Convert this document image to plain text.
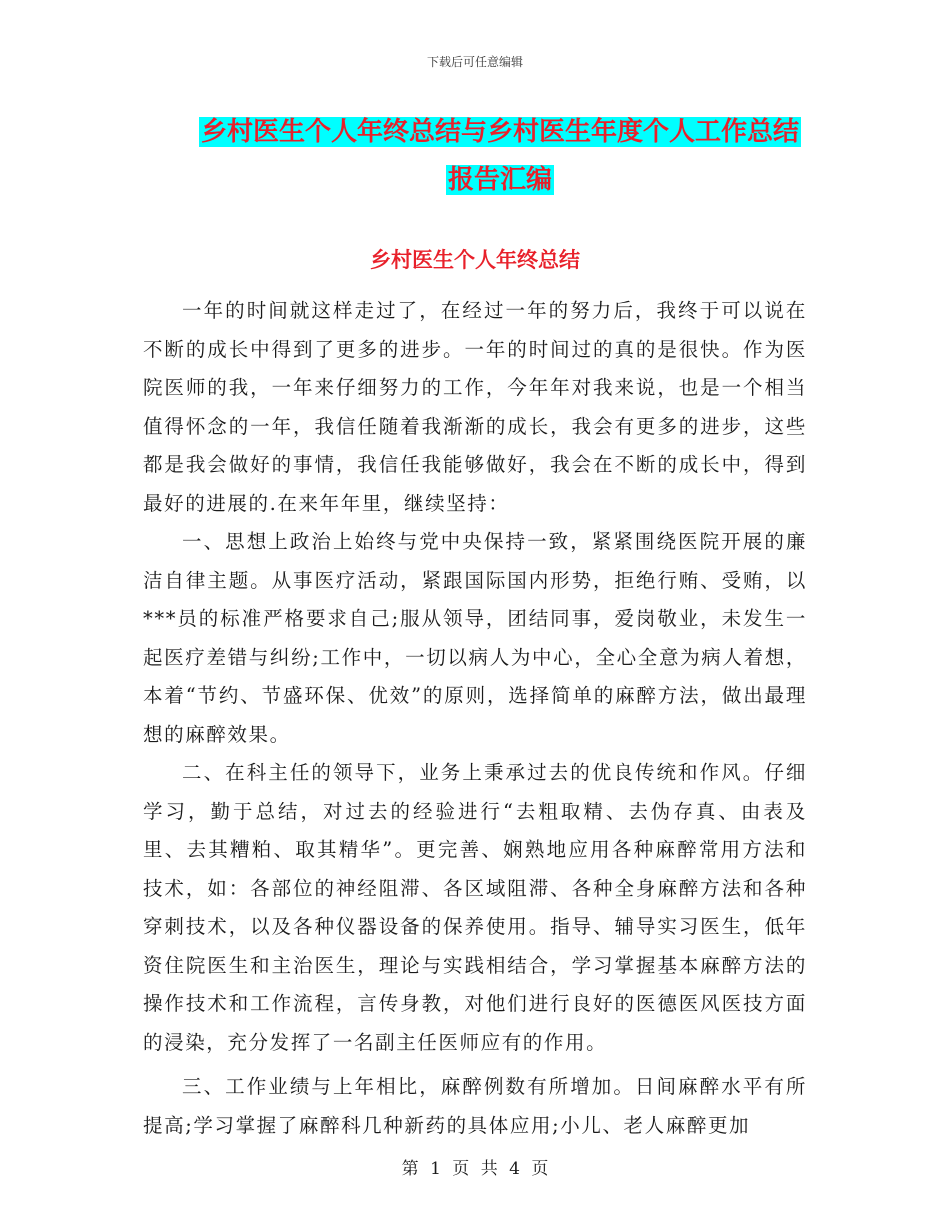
下载后可任意编辑
乡村医生个人年终总结与乡村医生年度个人工作总结
报告汇编
乡村医生个人年终总结

一年的时间就这样走过了，在经过一年的努力后，我终于可以说在不断的成长中得到了更多的进步。一年的时间过的真的是很快。作为医院医师的我，一年来仔细努力的工作，今年年对我来说，也是一个相当值得怀念的一年，我信任随着我渐渐的成长，我会有更多的进步，这些都是我会做好的事情，我信任我能够做好，我会在不断的成长中，得到最好的进展的.在来年年里，继续坚持：

一、思想上政治上始终与党中央保持一致，紧紧围绕医院开展的廉洁自律主题。从事医疗活动，紧跟国际国内形势，拒绝行贿、受贿，以***员的标准严格要求自己;服从领导，团结同事，爱岗敬业，未发生一起医疗差错与纠纷;工作中，一切以病人为中心，全心全意为病人着想，本着“节约、节盛环保、优效”的原则，选择简单的麻醉方法，做出最理想的麻醉效果。

二、在科主任的领导下，业务上秉承过去的优良传统和作风。仔细学习，勤于总结，对过去的经验进行“去粗取精、去伪存真、由表及里、去其糟粕、取其精华”。更完善、娴熟地应用各种麻醉常用方法和技术，如：各部位的神经阻滞、各区域阻滞、各种全身麻醉方法和各种穿刺技术，以及各种仪器设备的保养使用。指导、辅导实习医生，低年资住院医生和主治医生，理论与实践相结合，学习掌握基本麻醉方法的操作技术和工作流程，言传身教，对他们进行良好的医德医风医技方面的浸染，充分发挥了一名副主任医师应有的作用。

三、工作业绩与上年相比，麻醉例数有所增加。日间麻醉水平有所提高;学习掌握了麻醉科几种新药的具体应用;小儿、老人麻醉更加

第 1 页 共 4 页
